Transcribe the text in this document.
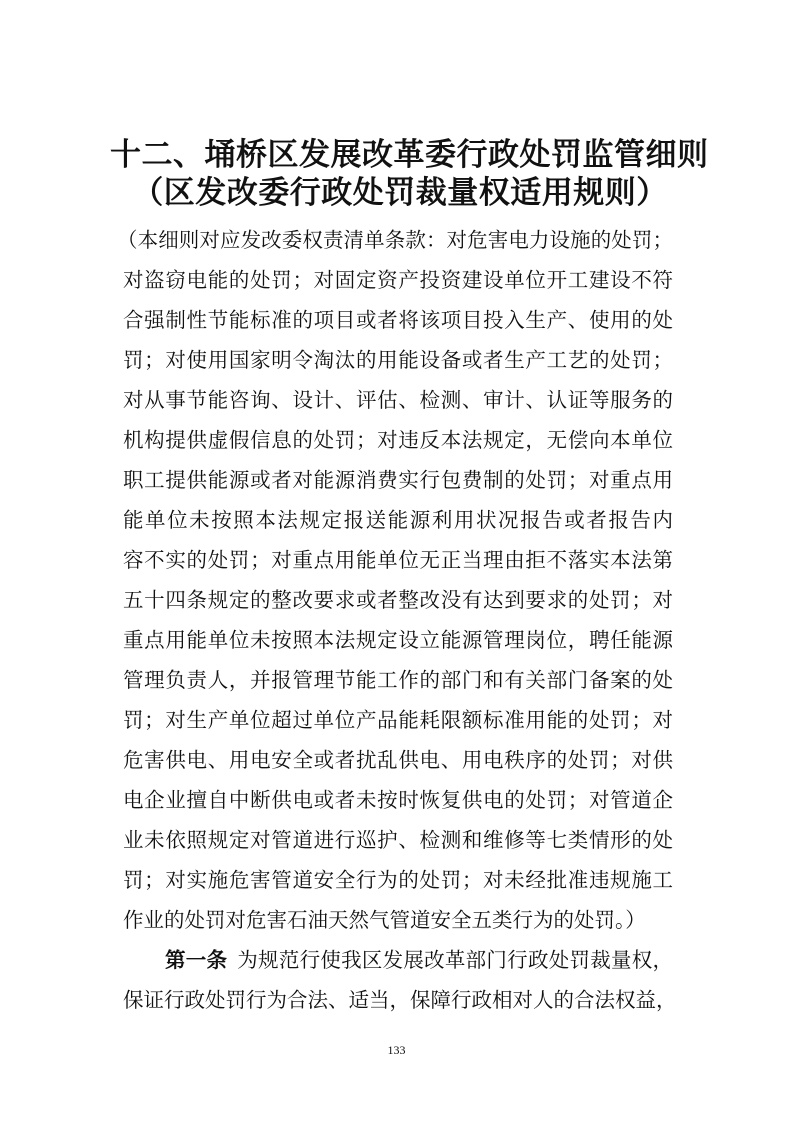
十二、埇桥区发展改革委行政处罚监管细则
（区发改委行政处罚裁量权适用规则）
（本细则对应发改委权责清单条款：对危害电力设施的处罚；
对盗窃电能的处罚；对固定资产投资建设单位开工建设不符
合强制性节能标准的项目或者将该项目投入生产、使用的处
罚；对使用国家明令淘汰的用能设备或者生产工艺的处罚；
对从事节能咨询、设计、评估、检测、审计、认证等服务的
机构提供虚假信息的处罚；对违反本法规定，无偿向本单位
职工提供能源或者对能源消费实行包费制的处罚；对重点用
能单位未按照本法规定报送能源利用状况报告或者报告内
容不实的处罚；对重点用能单位无正当理由拒不落实本法第
五十四条规定的整改要求或者整改没有达到要求的处罚；对
重点用能单位未按照本法规定设立能源管理岗位，聘任能源
管理负责人，并报管理节能工作的部门和有关部门备案的处
罚；对生产单位超过单位产品能耗限额标准用能的处罚；对
危害供电、用电安全或者扰乱供电、用电秩序的处罚；对供
电企业擅自中断供电或者未按时恢复供电的处罚；对管道企
业未依照规定对管道进行巡护、检测和维修等七类情形的处
罚；对实施危害管道安全行为的处罚；对未经批准违规施工
作业的处罚对危害石油天然气管道安全五类行为的处罚。）
第一条 为规范行使我区发展改革部门行政处罚裁量权，
保证行政处罚行为合法、适当，保障行政相对人的合法权益，
133
